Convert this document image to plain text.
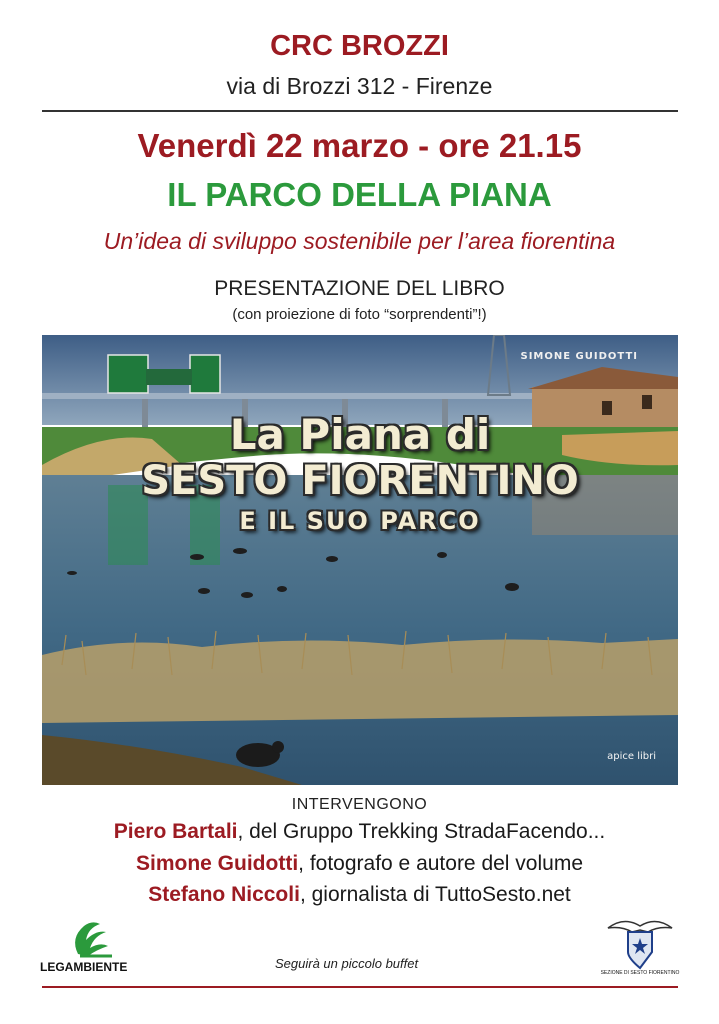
CRC BROZZI
via di Brozzi 312 - Firenze
Venerdì 22 marzo - ore 21.15
IL PARCO DELLA PIANA
Un’idea di sviluppo sostenibile per l’area fiorentina
PRESENTAZIONE DEL LIBRO
(con proiezione di foto “sorprendenti”!)
La Piana di
SESTO FIORENTINO
E IL SUO PARCO
SIMONE GUIDOTTI
apice libri
INTERVENGONO
Piero Bartali, del Gruppo Trekking StradaFacendo...
Simone Guidotti, fotografo e autore del volume
Stefano Niccoli, giornalista di TuttoSesto.net
LEGAMBIENTE	Seguirà un piccolo buffet
SEZIONE DI SESTO FIORENTINO
